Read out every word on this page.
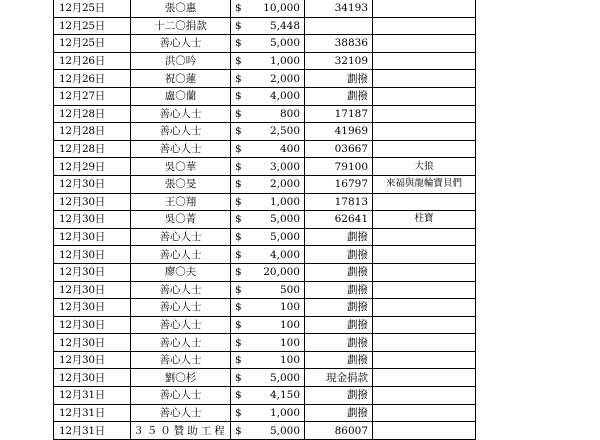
12月25日	張〇惠	$ 10,000	34193	
12月25日	十二〇捐款	$ 5,448		

12月25日	善心人士	$ 5,000	38836	
12月26日	洪〇吟	$ 1,000	32109	
12月26日	祝〇蓮	$ 2,000	劃撥	
12月27日	盧〇蘭	$ 4,000	劃撥	
12月28日	善心人士	$ 800	17187	
12月28日	善心人士	$ 2,500	41969	
12月28日	善心人士	$ 400	03667	
12月29日	吳〇華	$ 3,000	79100	大狼
12月30日	張〇旻	$ 2,000	16797	來福與龍輪寶貝們
12月30日	王〇翔	$ 1,000	17813	
12月30日	吳〇菁	$ 5,000	62641	柱寶
12月30日	善心人士	$ 5,000	劃撥	
12月30日	善心人士	$ 4,000	劃撥	
12月30日	廖〇夫	$ 20,000	劃撥	
12月30日	善心人士	$ 500	劃撥	
12月30日	善心人士	$ 100	劃撥	
12月30日	善心人士	$ 100	劃撥	
12月30日	善心人士	$ 100	劃撥	
12月30日	善心人士	$ 100	劃撥	
12月30日	劉〇杉	$ 5,000	現金捐款	
12月31日	善心人士	$ 4,150	劃撥	
12月31日	善心人士	$ 1,000	劃撥	
12月31日	３５０贊助工程	$ 5,000	86007	
